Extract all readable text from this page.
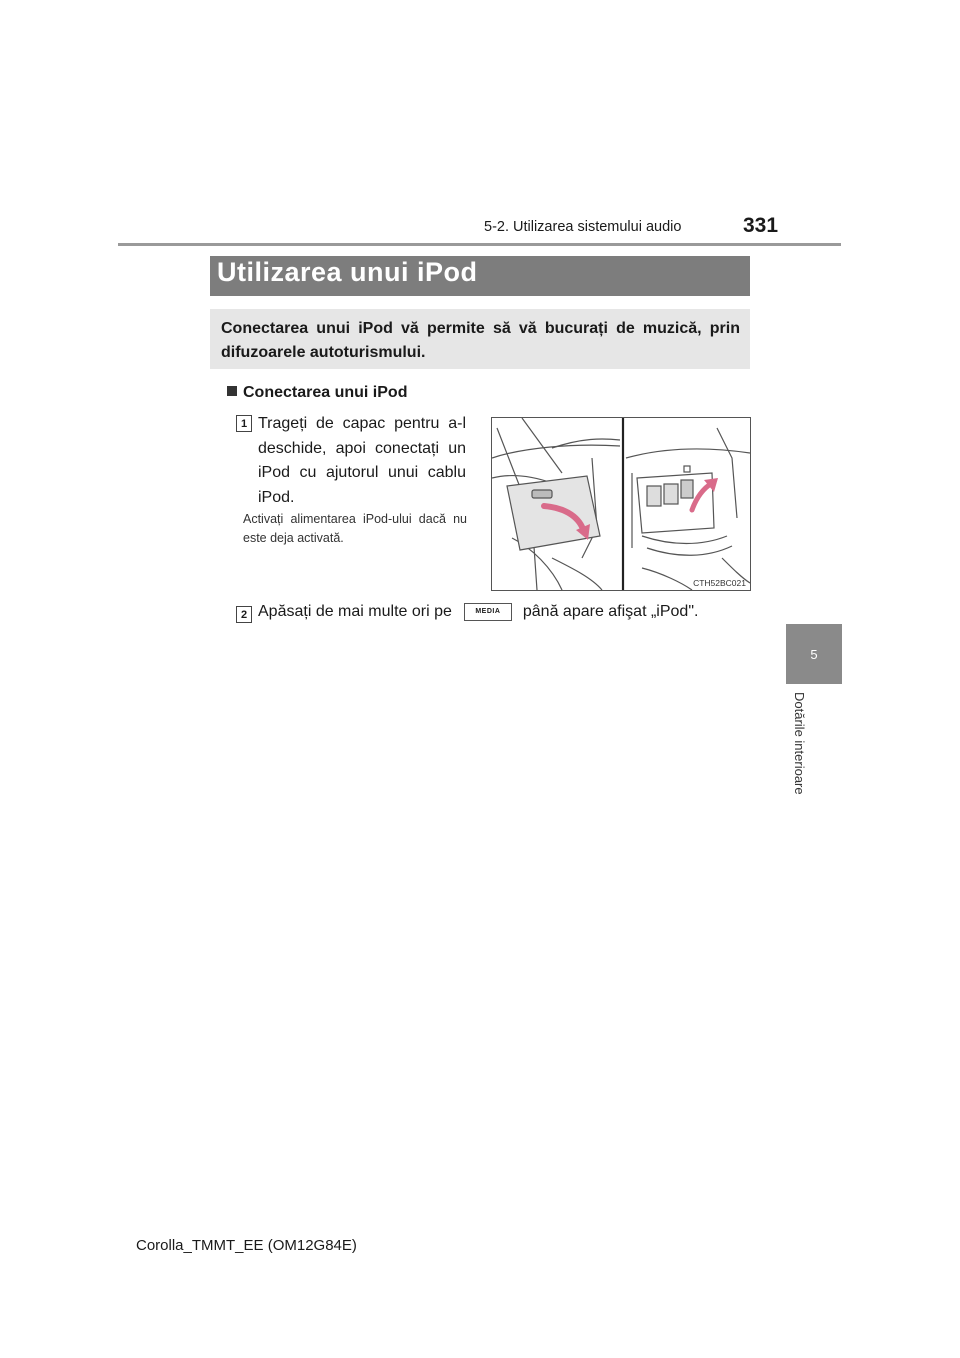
5-2. Utilizarea sistemului audio	331
5
Dotările interioare
Utilizarea unui iPod
Conectarea unui iPod vă permite să vă bucurați de muzică, prin difuzoarele autoturismului.
Conectarea unui iPod
1 Trageți de capac pentru a-l deschide, apoi conectați un iPod cu ajutorul unui cablu iPod.
Activați alimentarea iPod-ului dacă nu este deja activată.
CTH52BC021
2 Apăsați de mai multe ori pe	MEDIA	până apare afişat „iPod".
Corolla_TMMT_EE (OM12G84E)
